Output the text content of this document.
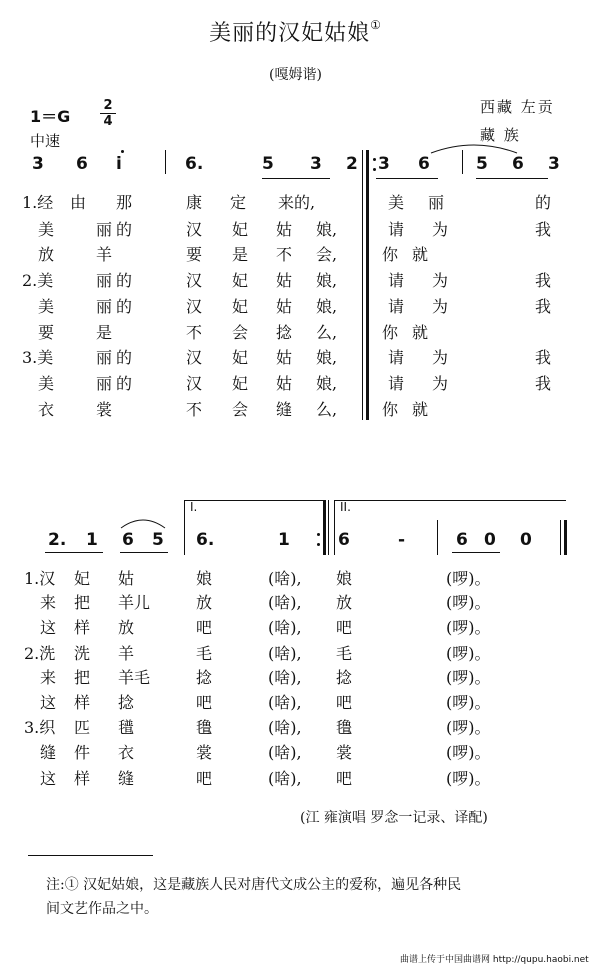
美丽的汉妃姑娘①
(嘎姆谐)
1＝G
2
4
中速
西藏 左贡
藏 族
3 6 i	6.	5 3 2 3 6	5 6 3
1.经 由 那	康 定 来的,	美 丽	的
美	丽 的	汉 妃 姑 娘,	请 为	我
放	羊	要 是 不 会,	你 就
2.美	丽 的	汉 妃 姑 娘,	请 为	我
美	丽 的	汉 妃 姑 娘,	请 为	我
要	是	不 会 捻 么,	你 就
3.美	丽 的	汉 妃 姑 娘,	请 为	我
美	丽 的	汉 妃 姑 娘,	请 为	我
衣	裳	不 会 缝 么,	你 就
I.	II.
2. 1 6 5 6.	1	6	-	6 0 0
1.汉 妃 姑	娘	(啥), 娘	(啰)。
来 把 羊儿	放	(啥), 放	(啰)。
这 样 放	吧	(啥), 吧	(啰)。
2.洗 洗 羊	毛	(啥), 毛	(啰)。
来 把 羊毛	捻	(啥), 捻	(啰)。
这 样 捻	吧	(啥), 吧	(啰)。
3.织 匹 氆	氇	(啥), 氇	(啰)。
缝 件 衣	裳	(啥), 裳	(啰)。
这 样 缝	吧	(啥), 吧	(啰)。
(江 雍演唱 罗念一记录、译配)
注:① 汉妃姑娘，这是藏族人民对唐代文成公主的爱称，遍见各种民
间文艺作品之中。
曲谱上传于中国曲谱网 http://qupu.haobi.net
